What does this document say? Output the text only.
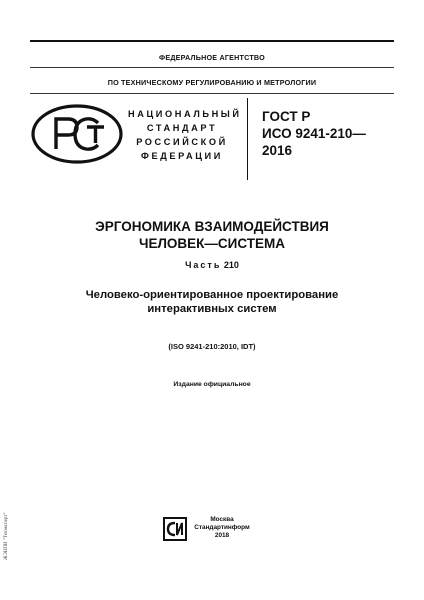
ФЕДЕРАЛЬНОЕ АГЕНТСТВО
ПО ТЕХНИЧЕСКОМУ РЕГУЛИРОВАНИЮ И МЕТРОЛОГИИ
РСТ
НАЦИОНАЛЬНЫЙ
СТАНДАРТ
РОССИЙСКОЙ
ФЕДЕРАЦИИ
ГОСТ Р
ИСО 9241-210—
2016
ЭРГОНОМИКА ВЗАИМОДЕЙСТВИЯ
ЧЕЛОВЕК—СИСТЕМА
Часть 210
Человеко-ориентированное проектирование
интерактивных систем
(ISO 9241-210:2010, IDT)
Издание официальное
СИ
Москва
Стандартинформ
2018
ЖЭНПИ "Техэксперт"
